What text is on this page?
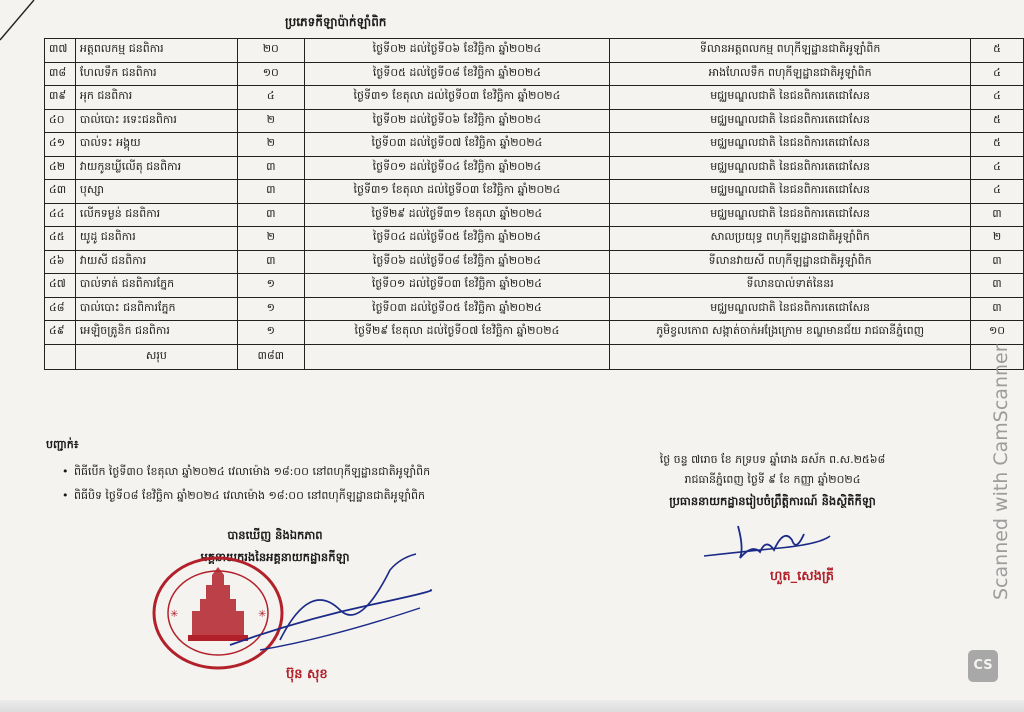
ប្រភេទកីឡាប៉ាក់ឡាំពិក
៣៧	អត្តពលកម្ម ជនពិការ	២០	ថ្ងៃទី០២ ដល់ថ្ងៃទី០៦ ខែវិច្ឆិកា ឆ្នាំ២០២៤	ទីលានអត្តពលកម្ម ពហុកីឡដ្ឋានជាតិអូឡាំពិក	៥
៣៨	ហែលទឹក ជនពិការ	១០	ថ្ងៃទី០៥ ដល់ថ្ងៃទី០៨ ខែវិច្ឆិកា ឆ្នាំ២០២៤	អាងហែលទឹក ពហុកីឡដ្ឋានជាតិអូឡាំពិក	៤
៣៩	អុក ជនពិការ	៤	ថ្ងៃទី៣១ ខែតុលា ដល់ថ្ងៃទី០៣ ខែវិច្ឆិកា ឆ្នាំ២០២៤	មជ្ឈមណ្ឌលជាតិ នៃជនពិការតេជោសែន	៤
៤០	បាល់បោះ រទេះជនពិការ	២	ថ្ងៃទី០២ ដល់ថ្ងៃទី០៦ ខែវិច្ឆិកា ឆ្នាំ២០២៤	មជ្ឈមណ្ឌលជាតិ នៃជនពិការតេជោសែន	៥
៤១	បាល់ទះ អង្គុយ	២	ថ្ងៃទី០៣ ដល់ថ្ងៃទី០៧ ខែវិច្ឆិកា ឆ្នាំ២០២៤	មជ្ឈមណ្ឌលជាតិ នៃជនពិការតេជោសែន	៥
៤២	វាយកូនឃ្លីលើតុ ជនពិការ	៣	ថ្ងៃទី០១ ដល់ថ្ងៃទី០៤ ខែវិច្ឆិកា ឆ្នាំ២០២៤	មជ្ឈមណ្ឌលជាតិ នៃជនពិការតេជោសែន	៤
៤៣	បុស្សា	៣	ថ្ងៃទី៣១ ខែតុលា ដល់ថ្ងៃទី០៣ ខែវិច្ឆិកា ឆ្នាំ២០២៤	មជ្ឈមណ្ឌលជាតិ នៃជនពិការតេជោសែន	៤
៤៤	លើកទម្ងន់ ជនពិការ	៣	ថ្ងៃទី២៩ ដល់ថ្ងៃទី៣១ ខែតុលា ឆ្នាំ២០២៤	មជ្ឈមណ្ឌលជាតិ នៃជនពិការតេជោសែន	៣
៤៥	យូដូ ជនពិការ	២	ថ្ងៃទី០៤ ដល់ថ្ងៃទី០៥ ខែវិច្ឆិកា ឆ្នាំ២០២៤	សាលប្រយុទ្ធ ពហុកីឡដ្ឋានជាតិអូឡាំពិក	២
៤៦	វាយសី ជនពិការ	៣	ថ្ងៃទី០៦ ដល់ថ្ងៃទី០៨ ខែវិច្ឆិកា ឆ្នាំ២០២៤	ទីលានវាយសី ពហុកីឡដ្ឋានជាតិអូឡាំពិក	៣
៤៧	បាល់ទាត់ ជនពិការភ្នែក	១	ថ្ងៃទី០១ ដល់ថ្ងៃទី០៣ ខែវិច្ឆិកា ឆ្នាំ២០២៤	ទីលានបាល់ទាត់នៃនរ	៣
៤៨	បាល់បោះ ជនពិការភ្នែក	១	ថ្ងៃទី០៣ ដល់ថ្ងៃទី០៥ ខែវិច្ឆិកា ឆ្នាំ២០២៤	មជ្ឈមណ្ឌលជាតិ នៃជនពិការតេជោសែន	៣
៤៩	អេឡិចត្រូនិក ជនពិការ	១	ថ្ងៃទី២៩ ខែតុលា ដល់ថ្ងៃទី០៧ ខែវិច្ឆិកា ឆ្នាំ២០២៤	ភូមិខ្វលកោព សង្កាត់ចាក់អង្រែក្រោម ខណ្ឌមានជ័យ រាជធានីភ្នំពេញ	១០
	សរុប	៣៨៣			
បញ្ជាក់៖
• ពិធីបើក ថ្ងៃទី៣០ ខែតុលា ឆ្នាំ២០២៤ វេលាម៉ោង ១៨:០០ នៅពហុកីឡដ្ឋានជាតិអូឡាំពិក
• ពិធីបិទ ថ្ងៃទី០៨ ខែវិច្ឆិកា ឆ្នាំ២០២៤ វេលាម៉ោង ១៨:០០ នៅពហុកីឡដ្ឋានជាតិអូឡាំពិក
ថ្ងៃ ចន្ទ ៧រោច ខែ ភទ្របទ ឆ្នាំរោង ឆស័ក ព.ស.២៥៦៨
រាជធានីភ្នំពេញ ថ្ងៃទី ៩ ខែ កញ្ញា ឆ្នាំ២០២៤
ប្រធាននាយកដ្ឋានរៀបចំព្រឹត្តិការណ៍ និងស្ថិតិកីឡា
ហួត_សេងត្រី
បានឃើញ និងឯកភាព
អគ្គនាយករងនៃអគ្គនាយកដ្ឋានកីឡា
✳	✳
ប៊ុន សុខ
Scanned with CamScanner
CS
